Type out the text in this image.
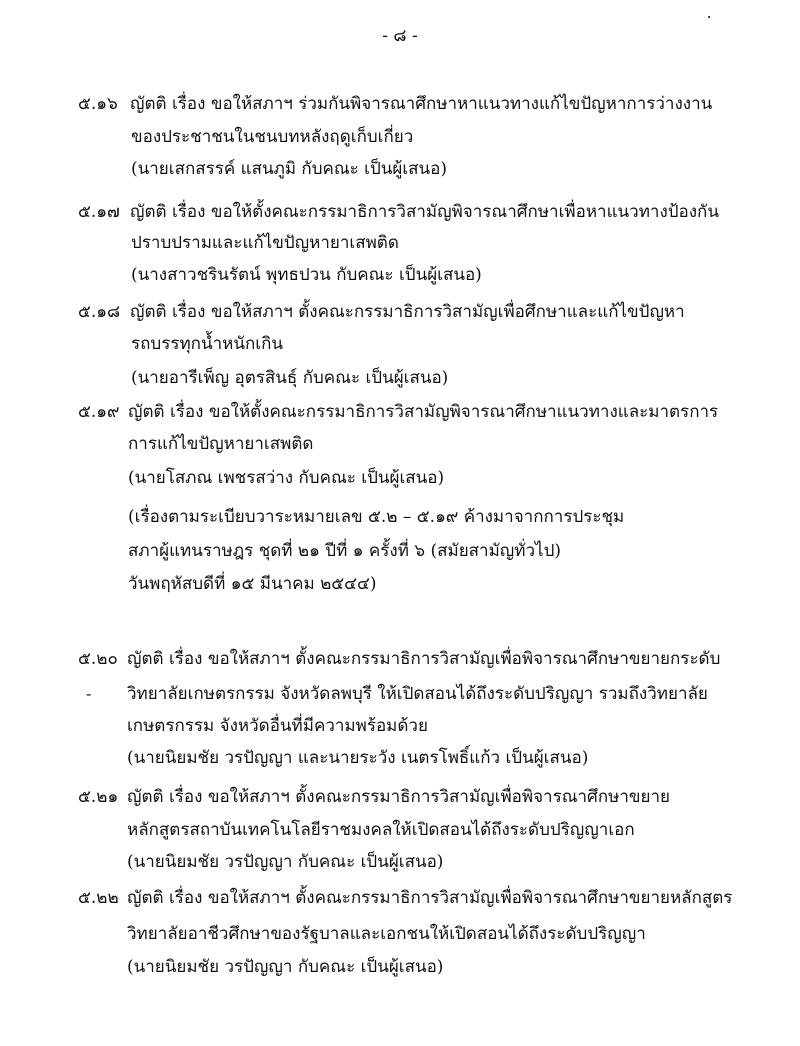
- ๘ -
๕.๑๖ ญัตติ เรื่อง ขอให้สภาฯ ร่วมกันพิจารณาศึกษาหาแนวทางแก้ไขปัญหาการว่างงาน
ของประชาชนในชนบทหลังฤดูเก็บเกี่ยว
(นายเสกสรรค์ แสนภูมิ กับคณะ เป็นผู้เสนอ)
๕.๑๗ ญัตติ เรื่อง ขอให้ตั้งคณะกรรมาธิการวิสามัญพิจารณาศึกษาเพื่อหาแนวทางป้องกัน
ปราบปรามและแก้ไขปัญหายาเสพติด
(นางสาวชรินรัตน์ พุทธปวน กับคณะ เป็นผู้เสนอ)
๕.๑๘ ญัตติ เรื่อง ขอให้สภาฯ ตั้งคณะกรรมาธิการวิสามัญเพื่อศึกษาและแก้ไขปัญหา
รถบรรทุกน้ำหนักเกิน
(นายอารีเพ็ญ อุตรสินธุ์ กับคณะ เป็นผู้เสนอ)
๕.๑๙ ญัตติ เรื่อง ขอให้ตั้งคณะกรรมาธิการวิสามัญพิจารณาศึกษาแนวทางและมาตรการ
การแก้ไขปัญหายาเสพติด
(นายโสภณ เพชรสว่าง กับคณะ เป็นผู้เสนอ)
(เรื่องตามระเบียบวาระหมายเลข ๕.๒ – ๕.๑๙ ค้างมาจากการประชุม
สภาผู้แทนราษฎร ชุดที่ ๒๑ ปีที่ ๑ ครั้งที่ ๖ (สมัยสามัญทั่วไป)
วันพฤหัสบดีที่ ๑๕ มีนาคม ๒๕๔๔)
๕.๒๐ ญัตติ เรื่อง ขอให้สภาฯ ตั้งคณะกรรมาธิการวิสามัญเพื่อพิจารณาศึกษาขยายกระดับ
- วิทยาลัยเกษตรกรรม จังหวัดลพบุรี ให้เปิดสอนได้ถึงระดับปริญญา รวมถึงวิทยาลัย
เกษตรกรรม จังหวัดอื่นที่มีความพร้อมด้วย
(นายนิยมชัย วรปัญญา และนายระวัง เนตรโพธิ์แก้ว เป็นผู้เสนอ)
๕.๒๑ ญัตติ เรื่อง ขอให้สภาฯ ตั้งคณะกรรมาธิการวิสามัญเพื่อพิจารณาศึกษาขยาย
หลักสูตรสถาบันเทคโนโลยีราชมงคลให้เปิดสอนได้ถึงระดับปริญญาเอก
(นายนิยมชัย วรปัญญา กับคณะ เป็นผู้เสนอ)
๕.๒๒ ญัตติ เรื่อง ขอให้สภาฯ ตั้งคณะกรรมาธิการวิสามัญเพื่อพิจารณาศึกษาขยายหลักสูตร
วิทยาลัยอาชีวศึกษาของรัฐบาลและเอกชนให้เปิดสอนได้ถึงระดับปริญญา
(นายนิยมชัย วรปัญญา กับคณะ เป็นผู้เสนอ)
